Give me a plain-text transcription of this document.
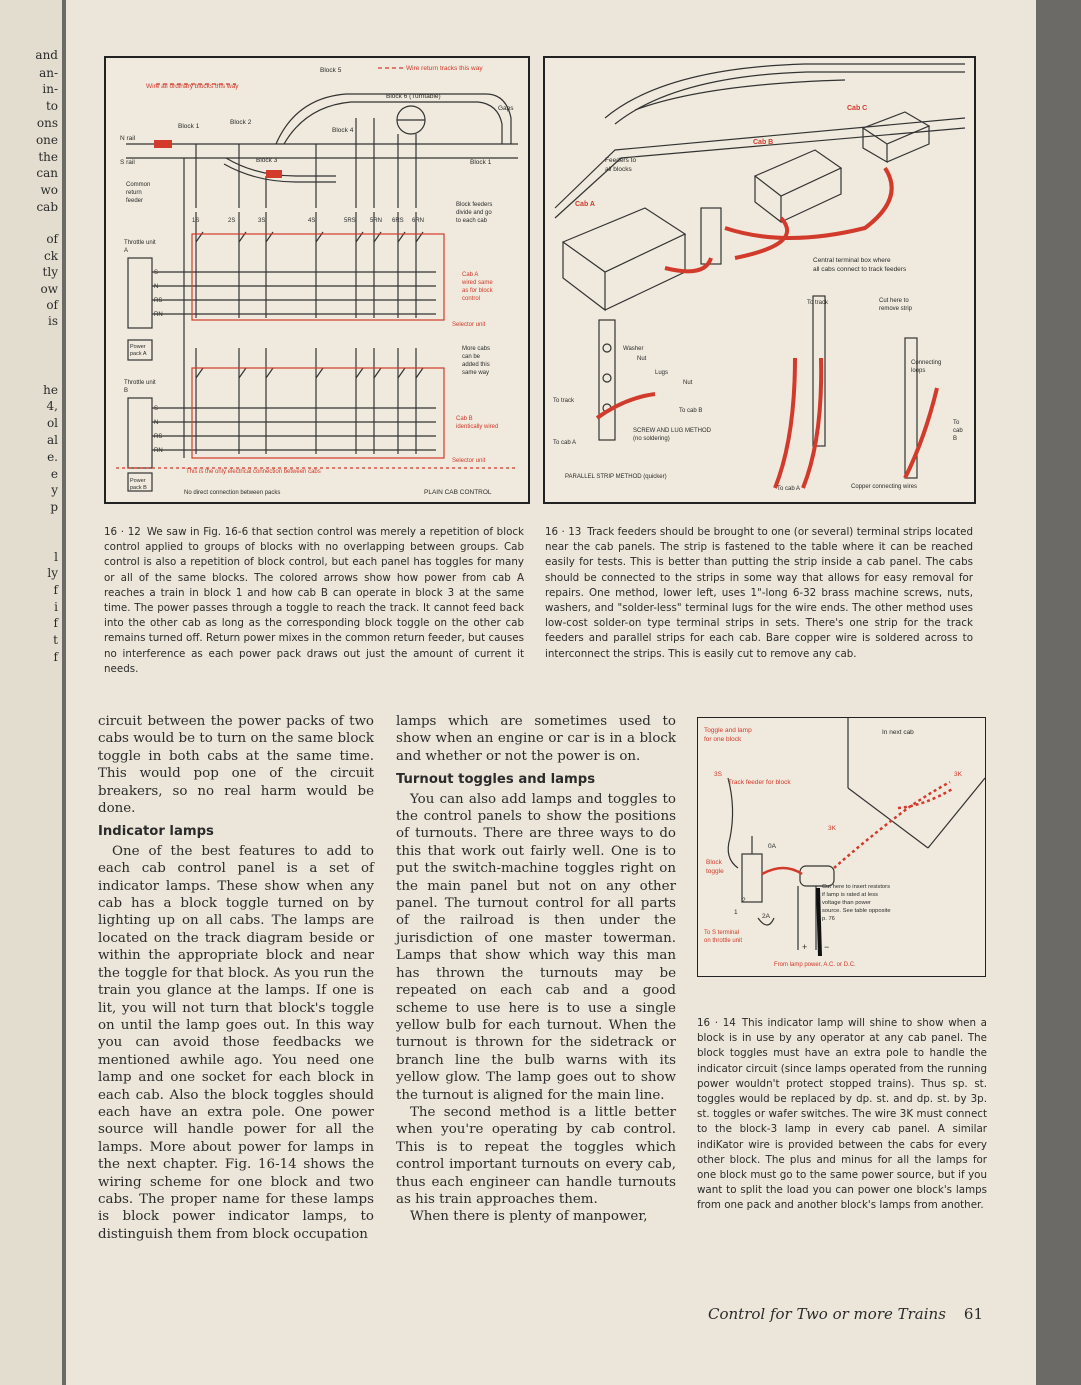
and
an-
in-
to
ons
one
the
can
wo
cab
of
ck
tly
ow
of
is
he
4,
ol
al
e.
e
y
p
l
ly
f
i
f
t
f
Wire all ordinary blocks this way
Wire return tracks this way
Block 5
Block 6 (Turntable)
Gaps
Block 1
Block 2
Block 3
Block 4
Block 1
N rail
S rail
Common
return
feeder
Block feeders
divide and go
to each cab
1S	2S	3S	4S	5RS 5RN 6RS 6RN
Throttle unit
A
Throttle unit
B
S
N
RS
RN
S
N
RS
RN
Power
pack A
Power
pack B
Cab A
wired same
as for block
control
Selector unit
More cabs
can be
added this
same way
Cab B
identically wired
Selector unit
This is the only electrical connection between cabs
No direct connection between packs	PLAIN CAB CONTROL
Feeders to
all blocks
Cab A
Cab B
Cab C
Central terminal box where
all cabs connect to track feeders
To track	Cut here to
remove strip
Washer
Nut
Lugs
Nut
To track
To cab B
To cab A
SCREW AND LUG METHOD
(no soldering)
Connecting
loops
To
cab
B
PARALLEL STRIP METHOD (quicker)
To cab A	Copper connecting wires
16 · 12 We saw in Fig. 16-6 that section control was merely a repetition of block control applied to groups of blocks with no overlapping between groups. Cab control is also a repetition of block control, but each panel has toggles for many or all of the same blocks. The colored arrows show how power from cab A reaches a train in block 1 and how cab B can operate in block 3 at the same time. The power passes through a toggle to reach the track. It cannot feed back into the other cab as long as the corresponding block toggle on the other cab remains turned off. Return power mixes in the common return feeder, but causes no interference as each power pack draws out just the amount of current it needs.
16 · 13 Track feeders should be brought to one (or several) terminal strips located near the cab panels. The strip is fastened to the table where it can be reached easily for tests. This is better than putting the strip inside a cab panel. The cabs should be connected to the strips in some way that allows for easy removal for repairs. One method, lower left, uses 1"-long 6-32 brass machine screws, nuts, washers, and "solder-less" terminal lugs for the wire ends. The other method uses low-cost solder-on type terminal strips in sets. There's one strip for the track feeders and parallel strips for each cab. Bare copper wire is soldered across to interconnect the strips. This is easily cut to remove any cab.

circuit between the power packs of two cabs would be to turn on the same block toggle in both cabs at the same time. This would pop one of the circuit breakers, so no real harm would be done.

Indicator lamps

One of the best features to add to each cab control panel is a set of indicator lamps. These show when any cab has a block toggle turned on by lighting up on all cabs. The lamps are located on the track diagram beside or within the appropriate block and near the toggle for that block. As you run the train you glance at the lamps. If one is lit, you will not turn that block's toggle on until the lamp goes out. In this way you can avoid those feedbacks we mentioned awhile ago. You need one lamp and one socket for each block in each cab. Also the block toggles should each have an extra pole. One power source will handle power for all the lamps. More about power for lamps in the next chapter. Fig. 16-14 shows the wiring scheme for one block and two cabs. The proper name for these lamps is block power indicator lamps, to distinguish them from block occupation

lamps which are sometimes used to show when an engine or car is in a block and whether or not the power is on.

Turnout toggles and lamps

You can also add lamps and toggles to the control panels to show the positions of turnouts. There are three ways to do this that work out fairly well. One is to put the switch-machine toggles right on the main panel but not on any other panel. The turnout control for all parts of the railroad is then under the jurisdiction of one master towerman. Lamps that show which way this man has thrown the turnouts may be repeated on each cab and a good scheme to use here is to use a single yellow bulb for each turnout. When the turnout is thrown for the sidetrack or branch line the bulb warns with its yellow glow. The lamp goes out to show the turnout is aligned for the main line.

The second method is a little better when you're operating by cab control. This is to repeat the toggles which control important turnouts on every cab, thus each engineer can handle turnouts as his train approaches them.

When there is plenty of manpower,

Toggle and lamp
for one block
In next cab
3S
Track feeder for block
3K
3K
0A
Block
toggle
1
2
2A
Cut here to insert resistors
if lamp is rated at less
voltage than power
source. See table opposite
p. 76
To S terminal
on throttle unit
From lamp power, A.C. or D.C.
+ −
16 · 14 This indicator lamp will shine to show when a block is in use by any operator at any cab panel. The block toggles must have an extra pole to handle the indicator circuit (since lamps operated from the running power wouldn't protect stopped trains). Thus sp. st. toggles would be replaced by dp. st. and dp. st. by 3p. st. toggles or wafer switches. The wire 3K must connect to the block-3 lamp in every cab panel. A similar indiKator wire is provided between the cabs for every other block. The plus and minus for all the lamps for one block must go to the same power source, but if you want to split the load you can power one block's lamps from one pack and another block's lamps from another.
Control for Two or more Trains 61
